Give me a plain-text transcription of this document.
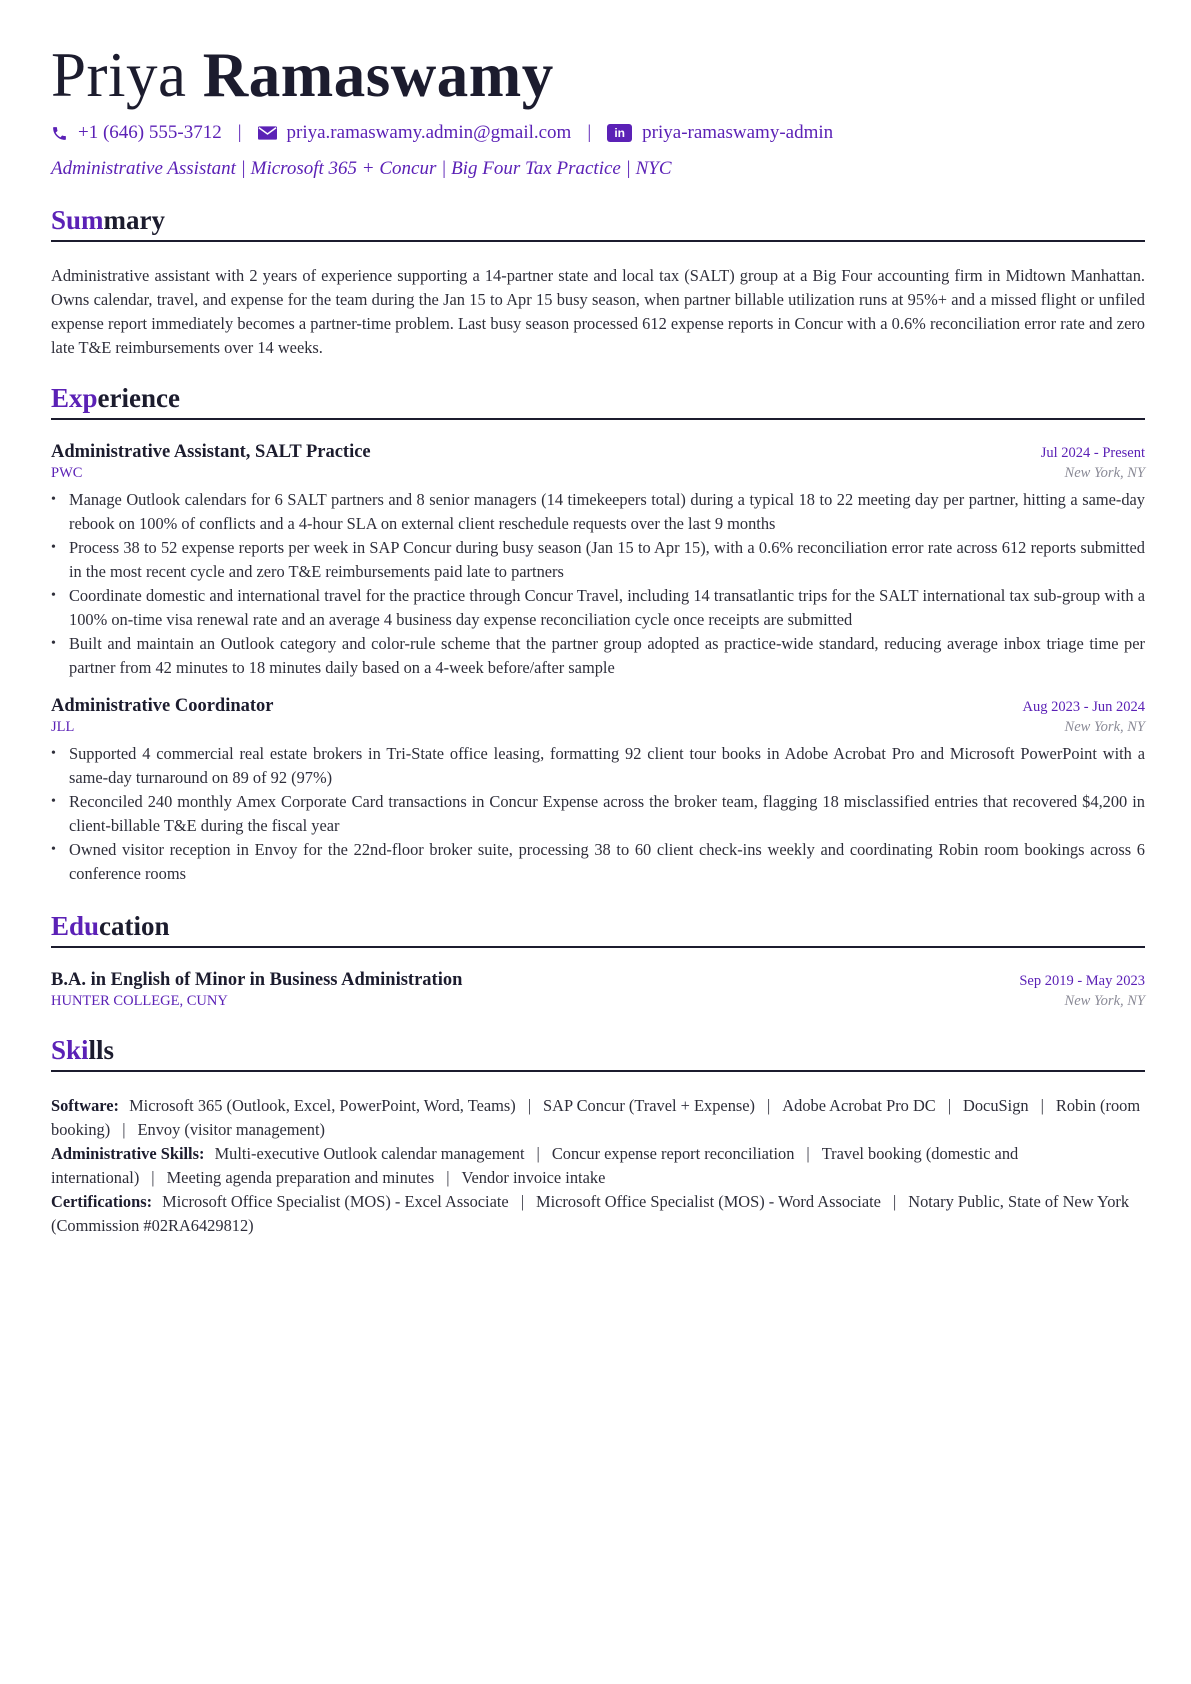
Priya Ramaswamy
+1 (646) 555-3712 | priya.ramaswamy.admin@gmail.com |	in priya-ramaswamy-admin
Administrative Assistant | Microsoft 365 + Concur | Big Four Tax Practice | NYC
Summary
Administrative assistant with 2 years of experience supporting a 14-partner state and local tax (SALT) group at a Big Four accounting firm in Midtown Manhattan. Owns calendar, travel, and expense for the team during the Jan 15 to Apr 15 busy season, when partner billable utilization runs at 95%+ and a missed flight or unfiled expense report immediately becomes a partner-time problem. Last busy season processed 612 expense reports in Concur with a 0.6% reconciliation error rate and zero late T&E reimbursements over 14 weeks.
Experience
Administrative Assistant, SALT Practice	Jul 2024 - Present
PWC	New York, NY
• Manage Outlook calendars for 6 SALT partners and 8 senior managers (14 timekeepers total) during a typical 18 to 22 meeting day per partner, hitting a same-day rebook on 100% of conflicts and a 4-hour SLA on external client reschedule requests over the last 9 months
• Process 38 to 52 expense reports per week in SAP Concur during busy season (Jan 15 to Apr 15), with a 0.6% reconciliation error rate across 612 reports submitted in the most recent cycle and zero T&E reimbursements paid late to partners
• Coordinate domestic and international travel for the practice through Concur Travel, including 14 transatlantic trips for the SALT international tax sub-group with a 100% on-time visa renewal rate and an average 4 business day expense reconciliation cycle once receipts are submitted
• Built and maintain an Outlook category and color-rule scheme that the partner group adopted as practice-wide standard, reducing average inbox triage time per partner from 42 minutes to 18 minutes daily based on a 4-week before/after sample
Administrative Coordinator	Aug 2023 - Jun 2024
JLL	New York, NY
• Supported 4 commercial real estate brokers in Tri-State office leasing, formatting 92 client tour books in Adobe Acrobat Pro and Microsoft PowerPoint with a same-day turnaround on 89 of 92 (97%)
• Reconciled 240 monthly Amex Corporate Card transactions in Concur Expense across the broker team, flagging 18 misclassified entries that recovered $4,200 in client-billable T&E during the fiscal year
• Owned visitor reception in Envoy for the 22nd-floor broker suite, processing 38 to 60 client check-ins weekly and coordinating Robin room bookings across 6 conference rooms
Education
B.A. in English of Minor in Business Administration	Sep 2019 - May 2023
HUNTER COLLEGE, CUNY	New York, NY
Skills
Software: Microsoft 365 (Outlook, Excel, PowerPoint, Word, Teams) | SAP Concur (Travel + Expense) | Adobe Acrobat Pro DC | DocuSign | Robin (room booking) | Envoy (visitor management)
Administrative Skills: Multi-executive Outlook calendar management | Concur expense report reconciliation | Travel booking (domestic and international) | Meeting agenda preparation and minutes | Vendor invoice intake
Certifications: Microsoft Office Specialist (MOS) - Excel Associate | Microsoft Office Specialist (MOS) - Word Associate | Notary Public, State of New York (Commission #02RA6429812)
